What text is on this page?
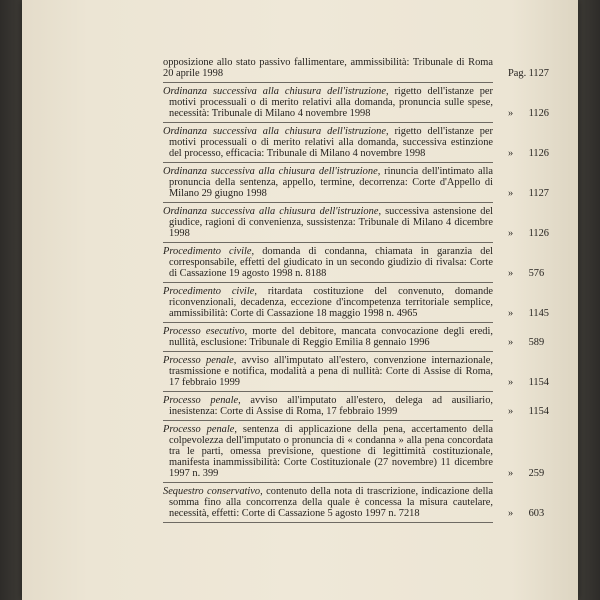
opposizione allo stato passivo fallimentare, ammissibilità: Tribunale di Roma 20 aprile 1998	Pag. 1127
Ordinanza successiva alla chiusura dell'istruzione, rigetto dell'istanze per motivi processuali o di merito relativi alla domanda, pronuncia sulle spese, necessità: Tribunale di Milano 4 novembre 1998	» 1126
Ordinanza successiva alla chiusura dell'istruzione, rigetto dell'istanze per motivi processuali o di merito relativi alla domanda, successiva estinzione del processo, efficacia: Tribunale di Milano 4 novembre 1998	» 1126
Ordinanza successiva alla chiusura dell'istruzione, rinuncia dell'intimato alla pronuncia della sentenza, appello, termine, decorrenza: Corte d'Appello di Milano 29 giugno 1998	» 1127
Ordinanza successiva alla chiusura dell'istruzione, successiva astensione del giudice, ragioni di convenienza, sussistenza: Tribunale di Milano 4 dicembre 1998	» 1126
Procedimento civile, domanda di condanna, chiamata in garanzia del corresponsabile, effetti del giudicato in un secondo giudizio di rivalsa: Corte di Cassazione 19 agosto 1998 n. 8188	» 576
Procedimento civile, ritardata costituzione del convenuto, domande riconvenzionali, decadenza, eccezione d'incompetenza territoriale semplice, ammissibilità: Corte di Cassazione 18 maggio 1998 n. 4965	» 1145
Processo esecutivo, morte del debitore, mancata convocazione degli eredi, nullità, esclusione: Tribunale di Reggio Emilia 8 gennaio 1996	» 589
Processo penale, avviso all'imputato all'estero, convenzione internazionale, trasmissione e notifica, modalità a pena di nullità: Corte di Assise di Roma, 17 febbraio 1999	» 1154
Processo penale, avviso all'imputato all'estero, delega ad ausiliario, inesistenza: Corte di Assise di Roma, 17 febbraio 1999	» 1154
Processo penale, sentenza di applicazione della pena, accertamento della colpevolezza dell'imputato o pronuncia di « condanna » alla pena concordata tra le parti, omessa previsione, questione di legittimità costituzionale, manifesta inammissibilità: Corte Costituzionale (27 novembre) 11 dicembre 1997 n. 399	» 259
Sequestro conservativo, contenuto della nota di trascrizione, indicazione della somma fino alla concorrenza della quale è concessa la misura cautelare, necessità, effetti: Corte di Cassazione 5 agosto 1997 n. 7218	» 603
